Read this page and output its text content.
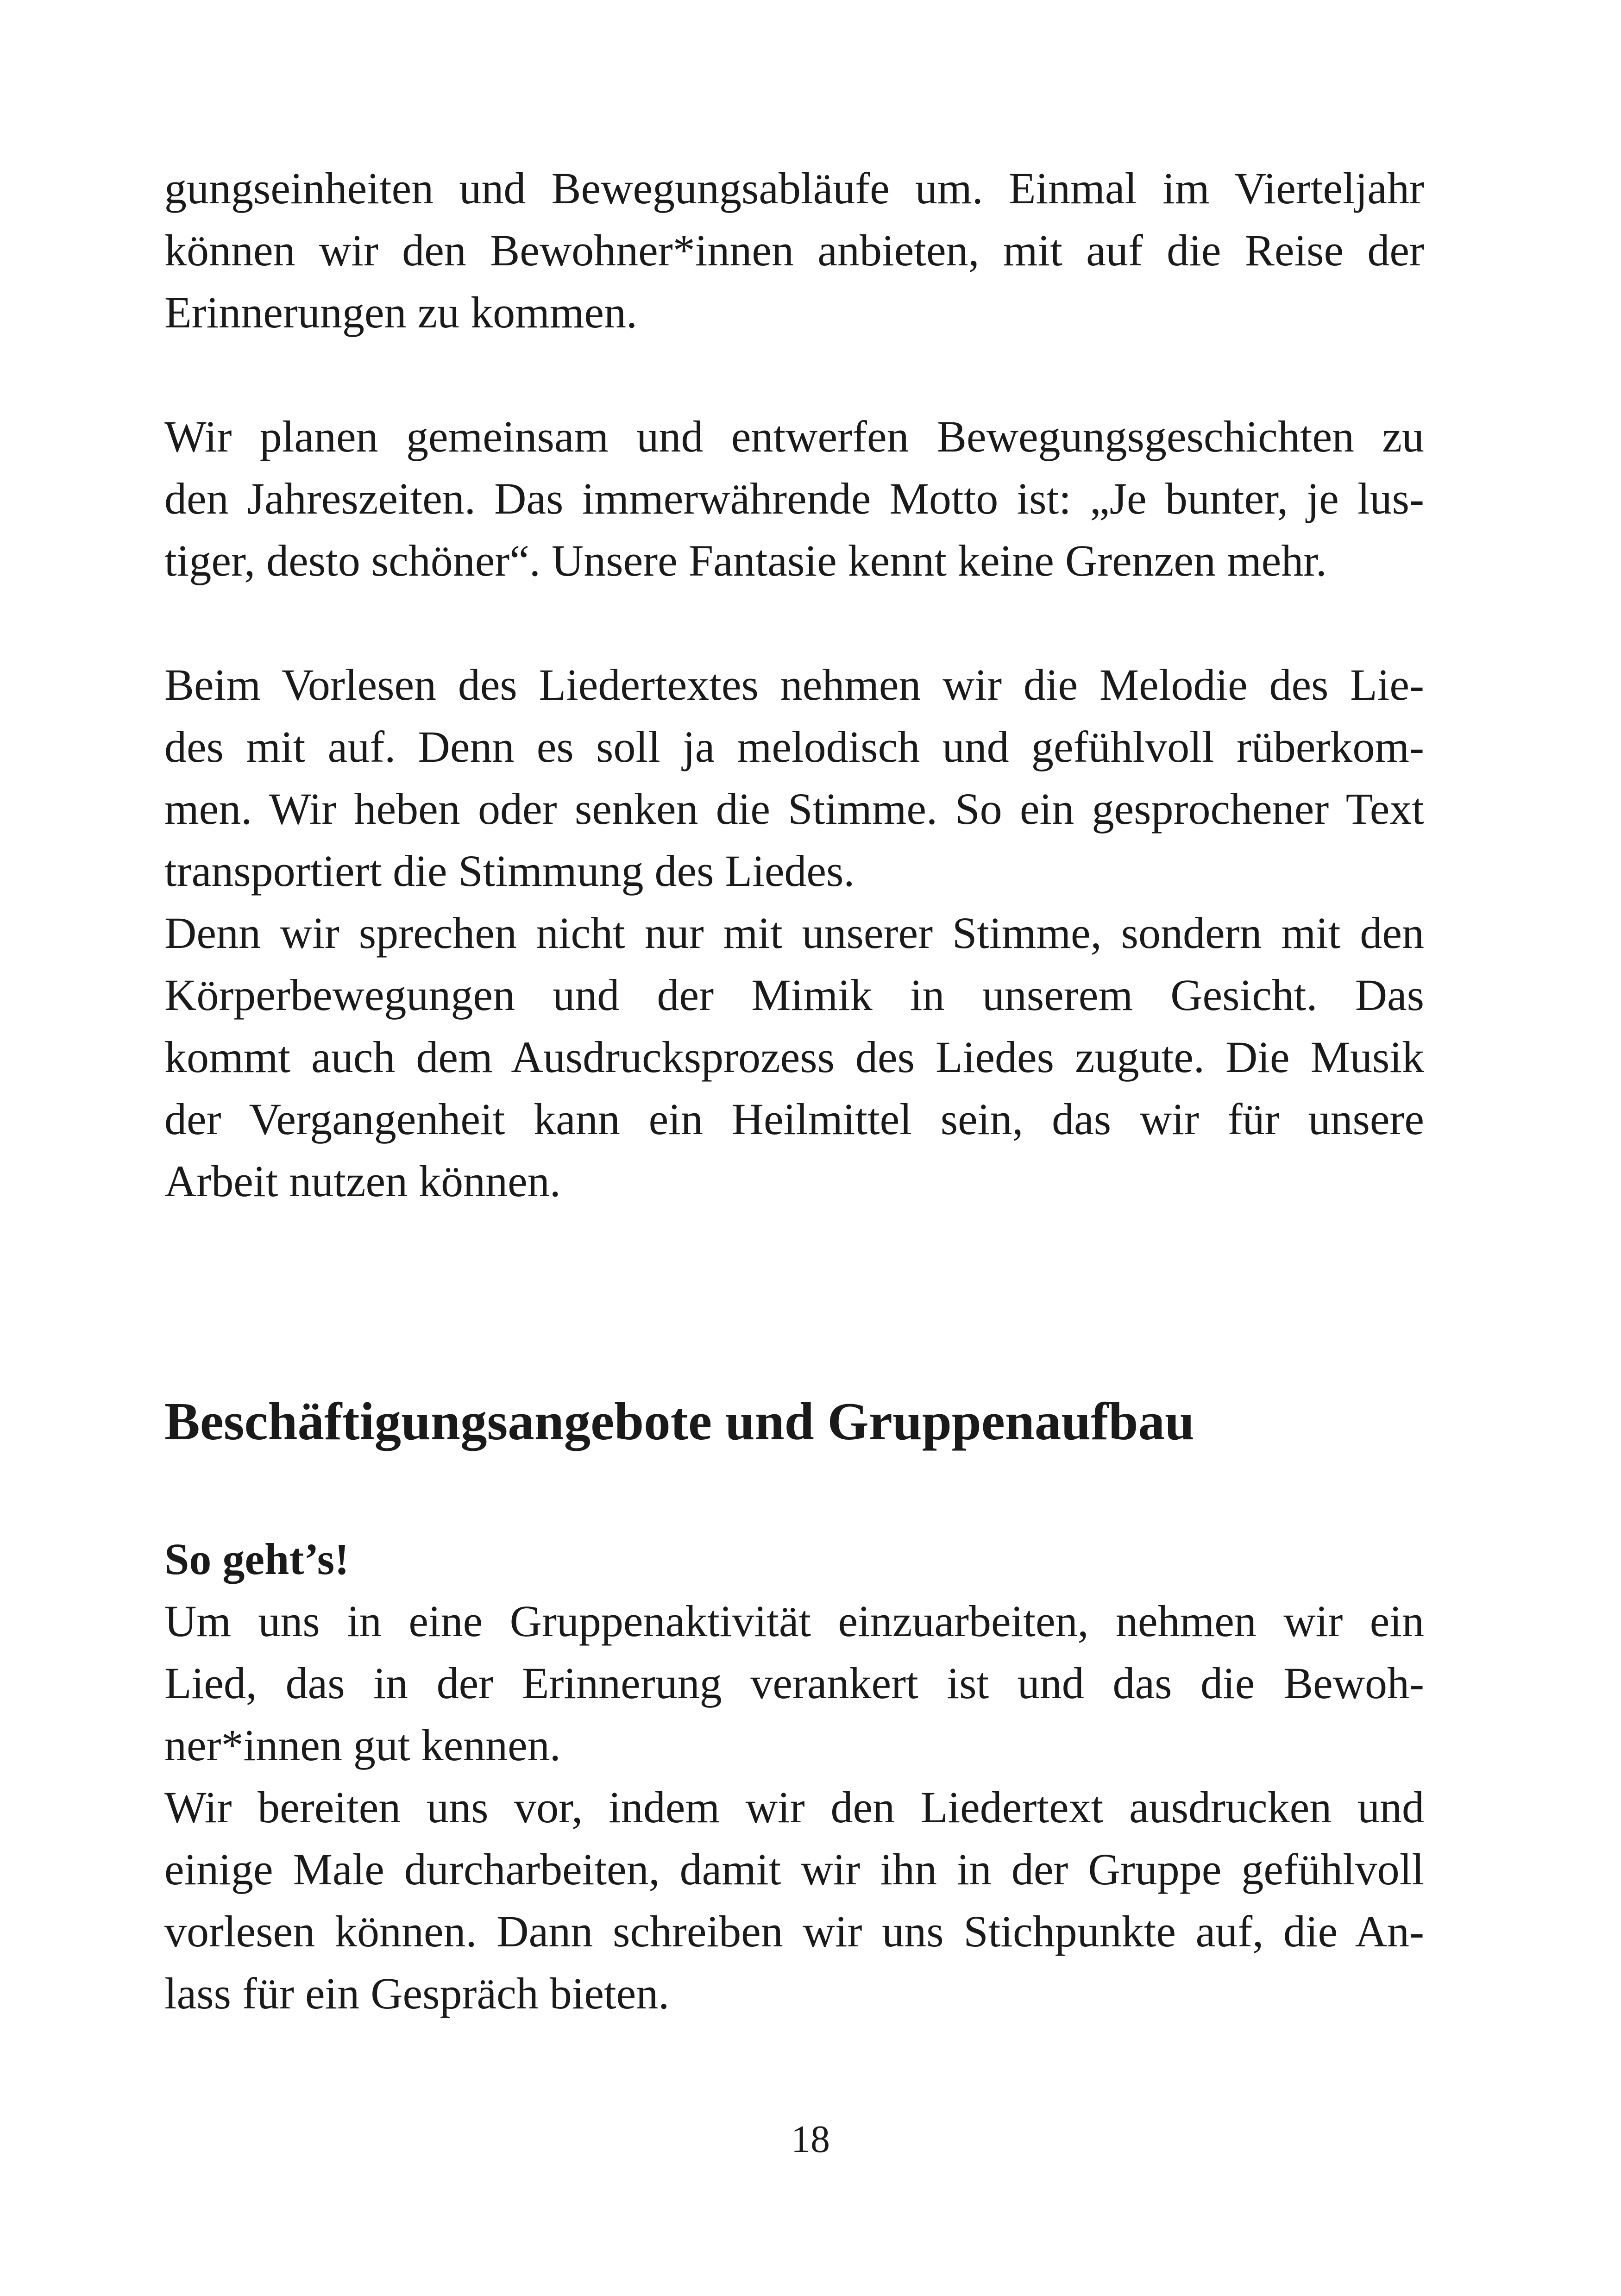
gungseinheiten und Bewegungsabläufe um. Einmal im Vierteljahr
können wir den Bewohner*innen anbieten, mit auf die Reise der
Erinnerungen zu kommen.

Wir planen gemeinsam und entwerfen Bewegungsgeschichten zu
den Jahreszeiten. Das immerwährende Motto ist: „Je bunter, je lus-
tiger, desto schöner“. Unsere Fantasie kennt keine Grenzen mehr.

Beim Vorlesen des Liedertextes nehmen wir die Melodie des Lie-
des mit auf. Denn es soll ja melodisch und gefühlvoll rüberkom-
men. Wir heben oder senken die Stimme. So ein gesprochener Text
transportiert die Stimmung des Liedes.

Denn wir sprechen nicht nur mit unserer Stimme, sondern mit den
Körperbewegungen und der Mimik in unserem Gesicht. Das
kommt auch dem Ausdrucksprozess des Liedes zugute. Die Musik
der Vergangenheit kann ein Heilmittel sein, das wir für unsere
Arbeit nutzen können.

Beschäftigungsangebote und Gruppenaufbau

So geht’s!

Um uns in eine Gruppenaktivität einzuarbeiten, nehmen wir ein
Lied, das in der Erinnerung verankert ist und das die Bewoh-
ner*innen gut kennen.

Wir bereiten uns vor, indem wir den Liedertext ausdrucken und
einige Male durcharbeiten, damit wir ihn in der Gruppe gefühlvoll
vorlesen können. Dann schreiben wir uns Stichpunkte auf, die An-
lass für ein Gespräch bieten.

18
